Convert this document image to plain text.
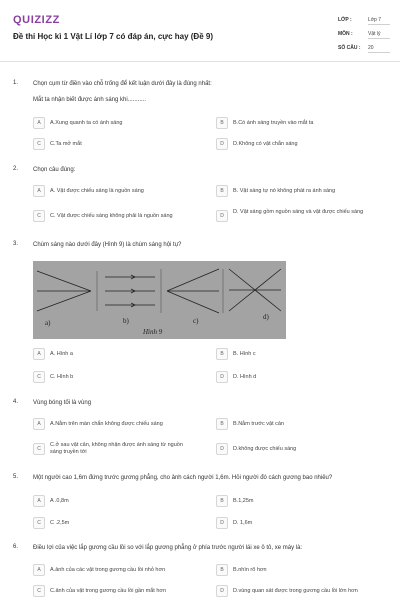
QUIZIZZ
Đề thi Học kì 1 Vật Lí lớp 7 có đáp án, cực hay (Đề 9)
LỚP :	Lớp 7
MÔN :	Vật lý
SỐ CÂU : 20
1. Chọn cụm từ điền vào chỗ trống để kết luận dưới đây là đúng nhất:
Mắt ta nhận biết được ánh sáng khi...........
A	A.Xung quanh ta có ánh sáng	B	B.Có ánh sáng truyền vào mắt ta
C	C.Ta mở mắt	D	D.Không có vật chắn sáng
2. Chọn câu đúng:
A	A. Vật được chiếu sáng là nguồn sáng	B	B. Vật sáng tự nó không phát ra ánh sáng
C	C. Vật được chiếu sáng không phải là nguồn sáng	D
D. Vật sáng gồm nguồn sáng và vật được chiếu sáng
3. Chùm sáng nào dưới đây (Hình 9) là chùm sáng hội tụ?
a)	b)	c)	d)
Hình 9
A	A. Hình a	B	B. Hình c
C	C. Hình b	D	D. Hình d
4. Vùng bóng tối là vùng
A	A.Nằm trên màn chắn không được chiếu sáng	B	B.Nằm trước vật cản
C
C.ở sau vật cản, không nhận được ánh sáng từ nguồn sáng truyền tới	D	D.không được chiếu sáng
5. Một người cao 1,6m đứng trước gương phẳng, cho ảnh cách người 1,6m. Hỏi người đó cách gương bao nhiêu?
A	A .0,8m	B	B.1,25m
C	C .2,5m	D	D. 1,6m
6. Điều lợi của việc lắp gương cầu lồi so với lắp gương phẳng ở phía trước người lái xe ô tô, xe máy là:
A	A.ảnh của các vật trong gương cầu lồi nhỏ hơn	B	B.nhìn rõ hơn
C	C.ảnh của vật trong gương cầu lồi gần mắt hơn	D	D.vùng quan sát được trong gương cầu lồi lớn hơn
